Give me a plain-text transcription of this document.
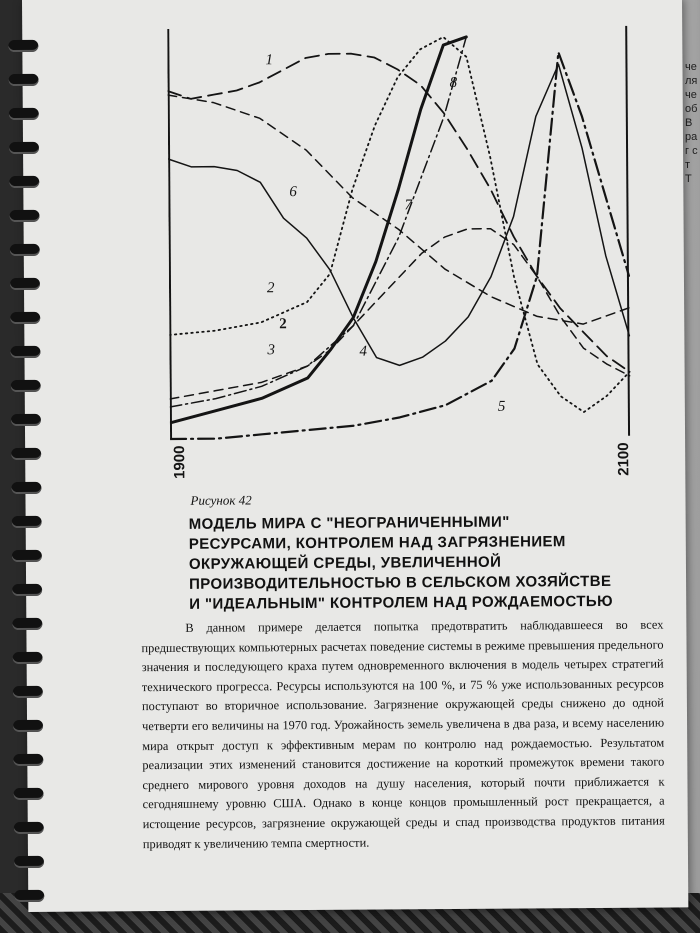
че ля че об В ра г с т Т
1
2
3	4
5
6
7
8
2
1900	2100
Рисунок 42
МОДЕЛЬ МИРА С "НЕОГРАНИЧЕННЫМИ"
РЕСУРСАМИ, КОНТРОЛЕМ НАД ЗАГРЯЗНЕНИЕМ
ОКРУЖАЮЩЕЙ СРЕДЫ, УВЕЛИЧЕННОЙ
ПРОИЗВОДИТЕЛЬНОСТЬЮ В СЕЛЬСКОМ ХОЗЯЙСТВЕ
И "ИДЕАЛЬНЫМ" КОНТРОЛЕМ НАД РОЖДАЕМОСТЬЮ
В данном примере делается попытка предотвратить наблюдавшееся во всех предшествующих компьютерных расчетах поведение системы в режиме превышения предельного значения и последующего краха путем одновременного включения в модель четырех стратегий технического прогресса. Ресурсы используются на 100 %, и 75 % уже использованных ресурсов поступают во вторичное использование. Загрязнение окружающей среды снижено до одной четверти его величины на 1970 год. Урожайность земель увеличена в два раза, и всему населению мира открыт доступ к эффективным мерам по контролю над рождаемостью. Результатом реализации этих изменений становится достижение на короткий промежуток времени такого среднего мирового уровня доходов на душу населения, который почти приближается к сегодняшнему уровню США. Однако в конце концов промышленный рост прекращается, а истощение ресурсов, загрязнение окружающей среды и спад производства продуктов питания приводят к увеличению темпа смертности.
